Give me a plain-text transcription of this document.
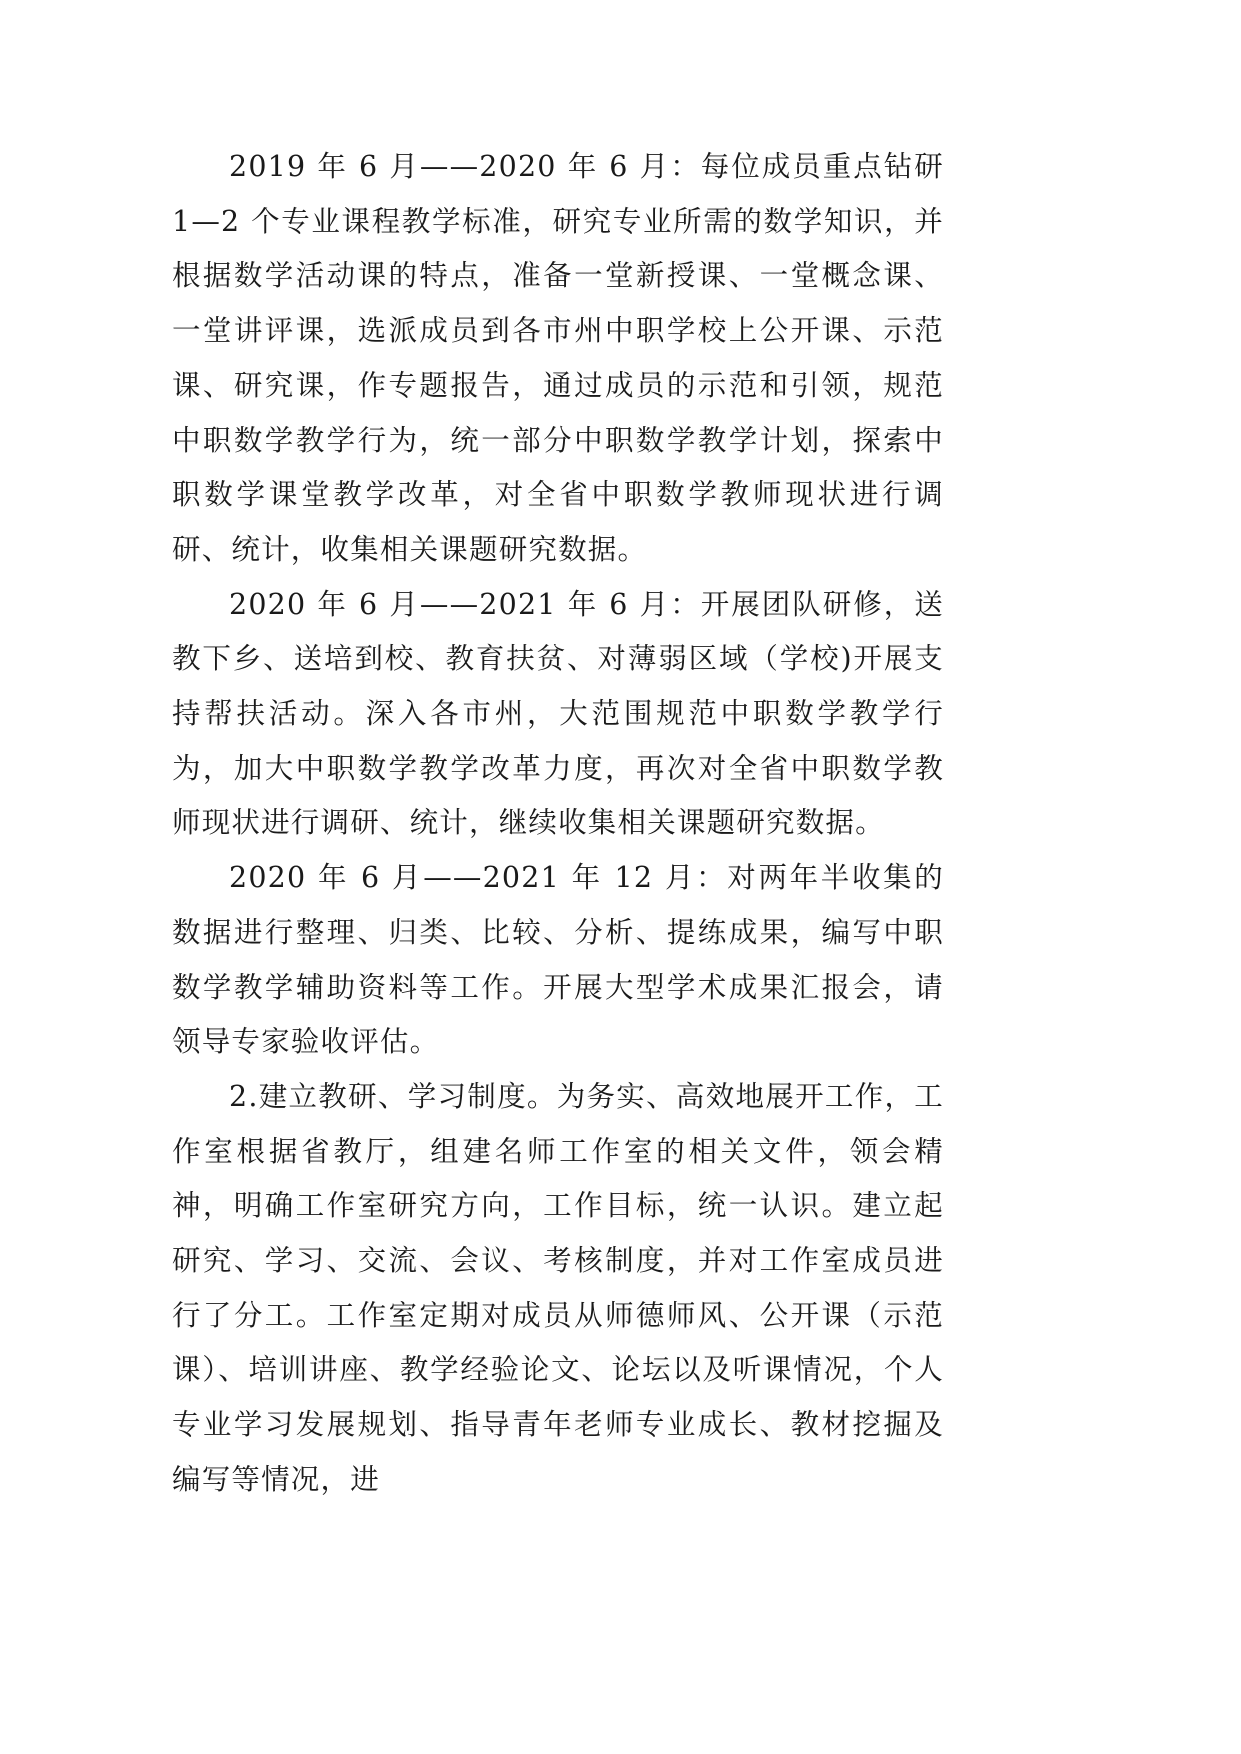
2019 年 6 月——2020 年 6 月：每位成员重点钻研 1—2 个专业课程教学标准，研究专业所需的数学知识，并根据数学活动课的特点，准备一堂新授课、一堂概念课、一堂讲评课，选派成员到各市州中职学校上公开课、示范课、研究课，作专题报告，通过成员的示范和引领，规范中职数学教学行为，统一部分中职数学教学计划，探索中职数学课堂教学改革，对全省中职数学教师现状进行调研、统计，收集相关课题研究数据。

2020 年 6 月——2021 年 6 月：开展团队研修，送教下乡、送培到校、教育扶贫、对薄弱区域（学校)开展支持帮扶活动。深入各市州，大范围规范中职数学教学行为，加大中职数学教学改革力度，再次对全省中职数学教师现状进行调研、统计，继续收集相关课题研究数据。

2020 年 6 月——2021 年 12 月：对两年半收集的数据进行整理、归类、比较、分析、提练成果，编写中职数学教学辅助资料等工作。开展大型学术成果汇报会，请领导专家验收评估。

2.建立教研、学习制度。为务实、高效地展开工作，工作室根据省教厅，组建名师工作室的相关文件，领会精神，明确工作室研究方向，工作目标，统一认识。建立起研究、学习、交流、会议、考核制度，并对工作室成员进行了分工。工作室定期对成员从师德师风、公开课（示范课）、培训讲座、教学经验论文、论坛以及听课情况，个人专业学习发展规划、指导青年老师专业成长、教材挖掘及编写等情况，进
